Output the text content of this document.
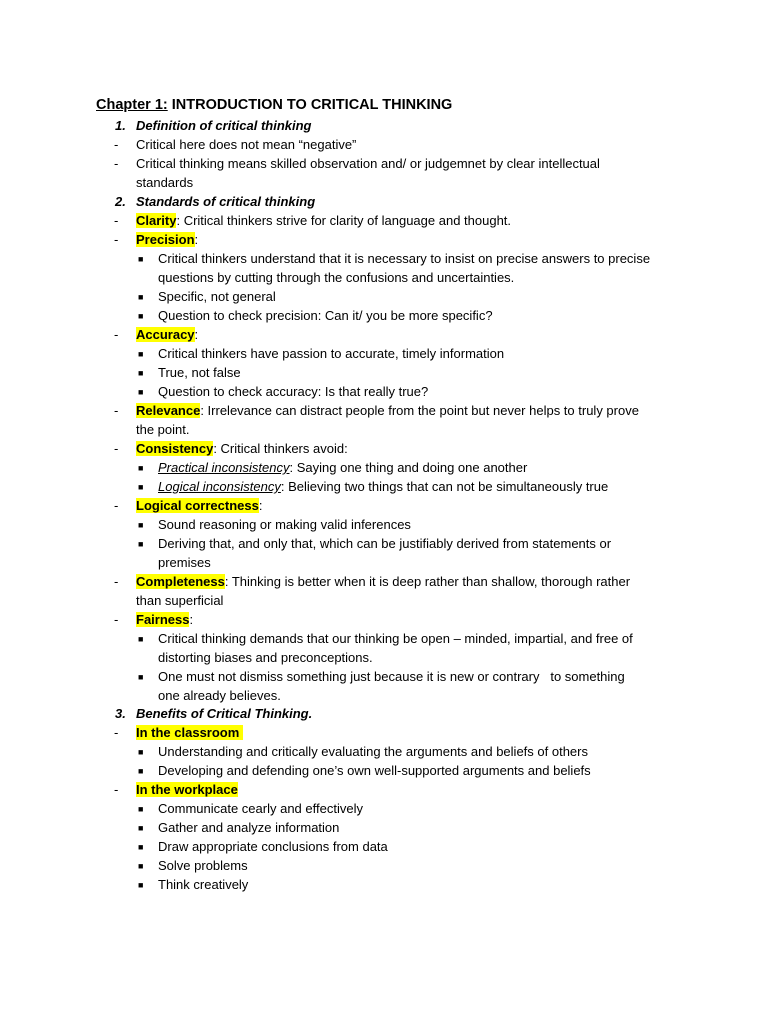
Chapter 1: INTRODUCTION TO CRITICAL THINKING
1. Definition of critical thinking
- Critical here does not mean “negative”
- Critical thinking means skilled observation and/ or judgemnet by clear intellectual
standards
2. Standards of critical thinking
- Clarity: Critical thinkers strive for clarity of language and thought.
- Precision:
■ Critical thinkers understand that it is necessary to insist on precise answers to precise
questions by cutting through the confusions and uncertainties.
■ Specific, not general
■ Question to check precision: Can it/ you be more specific?
- Accuracy:
■ Critical thinkers have passion to accurate, timely information
■ True, not false
■ Question to check accuracy: Is that really true?
- Relevance: Irrelevance can distract people from the point but never helps to truly prove
the point.
- Consistency: Critical thinkers avoid:
■ Practical inconsistency: Saying one thing and doing one another
■ Logical inconsistency: Believing two things that can not be simultaneously true
- Logical correctness:
■ Sound reasoning or making valid inferences
■ Deriving that, and only that, which can be justifiably derived from statements or
premises
- Completeness: Thinking is better when it is deep rather than shallow, thorough rather
than superficial
- Fairness:
■ Critical thinking demands that our thinking be open – minded, impartial, and free of
distorting biases and preconceptions.
■ One must not dismiss something just because it is new or contrary   to something
one already believes.
3. Benefits of Critical Thinking.
- In the classroom
■ Understanding and critically evaluating the arguments and beliefs of others
■ Developing and defending one’s own well-supported arguments and beliefs
- In the workplace
■ Communicate cearly and effectively
■ Gather and analyze information
■ Draw appropriate conclusions from data
■ Solve problems
■ Think creatively
